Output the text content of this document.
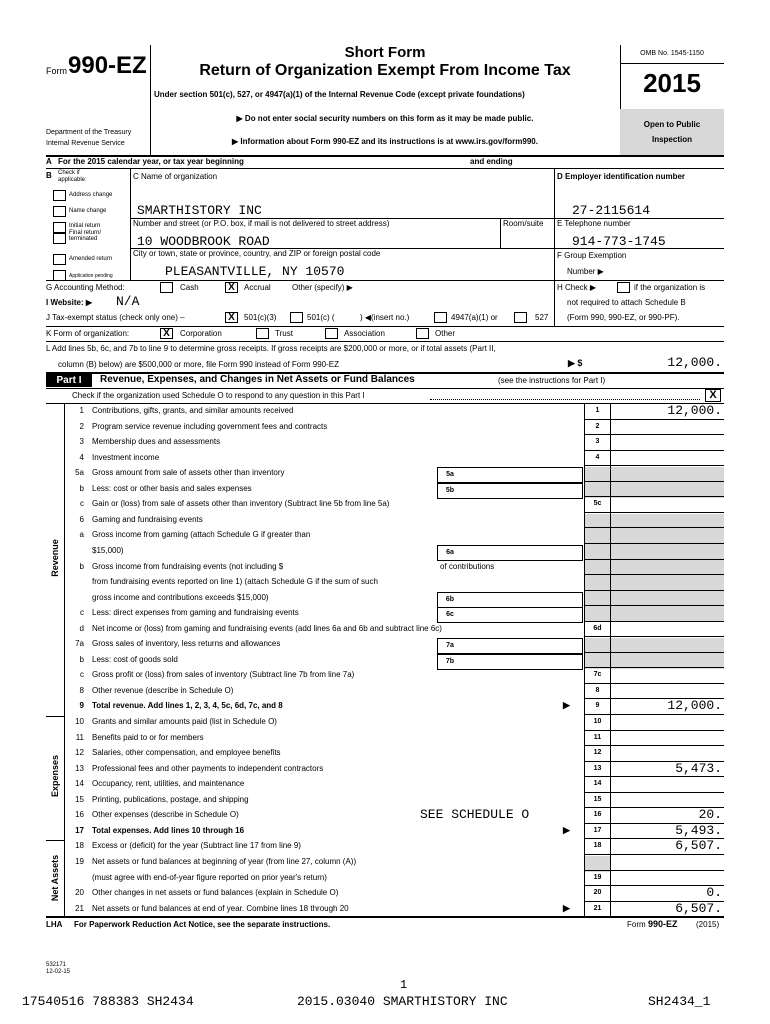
Form 990-EZ
Department of the Treasury
Internal Revenue Service
Short Form
Return of Organization Exempt From Income Tax
Under section 501(c), 527, or 4947(a)(1) of the Internal Revenue Code (except private foundations)
▶ Do not enter social security numbers on this form as it may be made public.
▶ Information about Form 990-EZ and its instructions is at www.irs.gov/form990.
OMB No. 1545-1150
2015
Open to Public
Inspection
A For the 2015 calendar year, or tax year beginning	and ending
B Check if applicable:
Address change
Name change
Initial return
Final return/ terminated
Amended return
Application pending
C Name of organization
SMARTHISTORY INC
Number and street (or P.O. box, if mail is not delivered to street address)	Room/suite
10 WOODBROOK ROAD
City or town, state or province, country, and ZIP or foreign postal code
PLEASANTVILLE, NY 10570
D Employer identification number
27-2115614
E Telephone number
914-773-1745
F Group Exemption
Number ▶
G Accounting Method:	Cash	X	Accrual	Other (specify) ▶	H Check ▶	if the organization is
not required to attach Schedule B
(Form 990, 990-EZ, or 990-PF).
I Website: ▶ N/A
J Tax-exempt status (check only one) –	X	501(c)(3)	501(c) (	) ◀(insert no.)	4947(a)(1) or	527
K Form of organization:	X	Corporation	Trust	Association	Other
L Add lines 5b, 6c, and 7b to line 9 to determine gross receipts. If gross receipts are $200,000 or more, or if total assets (Part II,
column (B) below) are $500,000 or more, file Form 990 instead of Form 990-EZ	▶ $	12,000.
Part I	Revenue, Expenses, and Changes in Net Assets or Fund Balances	(see the instructions for Part I)
Check if the organization used Schedule O to respond to any question in this Part I	X
Revenue
Expenses
Net Assets
1 Contributions, gifts, grants, and similar amounts received	1	12,000.
2 Program service revenue including government fees and contracts	2
3 Membership dues and assessments	3
4 Investment income	4
5a Gross amount from sale of assets other than inventory	5a
b Less: cost or other basis and sales expenses	5b
c Gain or (loss) from sale of assets other than inventory (Subtract line 5b from line 5a)	5c
6 Gaming and fundraising events
a Gross income from gaming (attach Schedule G if greater than
$15,000)	6a
b Gross income from fundraising events (not including $	of contributions
from fundraising events reported on line 1) (attach Schedule G if the sum of such
gross income and contributions exceeds $15,000)	6b
c Less: direct expenses from gaming and fundraising events	6c
d Net income or (loss) from gaming and fundraising events (add lines 6a and 6b and subtract line 6c)	6d
7a Gross sales of inventory, less returns and allowances	7a
b Less: cost of goods sold	7b
c Gross profit or (loss) from sales of inventory (Subtract line 7b from line 7a)	7c
8 Other revenue (describe in Schedule O)	8
9 Total revenue. Add lines 1, 2, 3, 4, 5c, 6d, 7c, and 8	9	12,000.
▶
10 Grants and similar amounts paid (list in Schedule O)	10
11 Benefits paid to or for members	11
12 Salaries, other compensation, and employee benefits	12
13 Professional fees and other payments to independent contractors	13	5,473.
14 Occupancy, rent, utilities, and maintenance	14
15 Printing, publications, postage, and shipping	15
16 Other expenses (describe in Schedule O)	SEE SCHEDULE O	16	20.
17 Total expenses. Add lines 10 through 16	17	5,493.
▶
18 Excess or (deficit) for the year (Subtract line 17 from line 9)	18	6,507.
19 Net assets or fund balances at beginning of year (from line 27, column (A))
(must agree with end-of-year figure reported on prior year's return)	19
20 Other changes in net assets or fund balances (explain in Schedule O)	20	0.
21 Net assets or fund balances at end of year. Combine lines 18 through 20	21	6,507.
▶
LHA For Paperwork Reduction Act Notice, see the separate instructions.	Form 990-EZ (2015)
532171
12-02-15
1
17540516 788383 SH2434	2015.03040 SMARTHISTORY INC	SH2434_1
